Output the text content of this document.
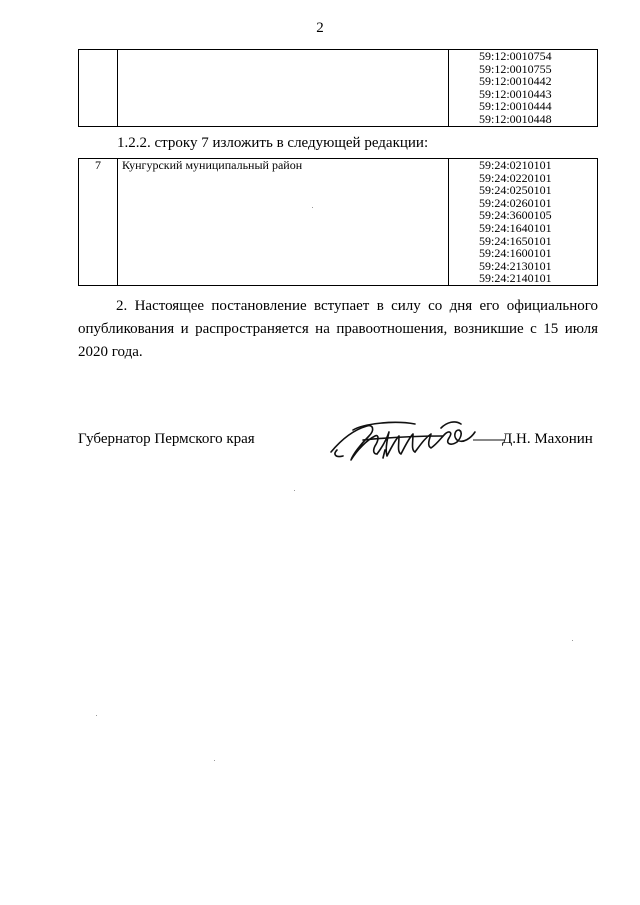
2

59:12:0010754
59:12:0010755
59:12:0010442
59:12:0010443
59:12:0010444
59:12:0010448
1.2.2. строку 7 изложить в следующей редакции:
7	Кунгурский муниципальный район	59:24:0210101
59:24:0220101
59:24:0250101
59:24:0260101
59:24:3600105
59:24:1640101
59:24:1650101
59:24:1600101
59:24:2130101
59:24:2140101
2. Настоящее постановление вступает в силу со дня его официального опубликования и распространяется на правоотношения, возникшие с 15 июля 2020 года.
Губернатор Пермского края	Д.Н. Махонин
